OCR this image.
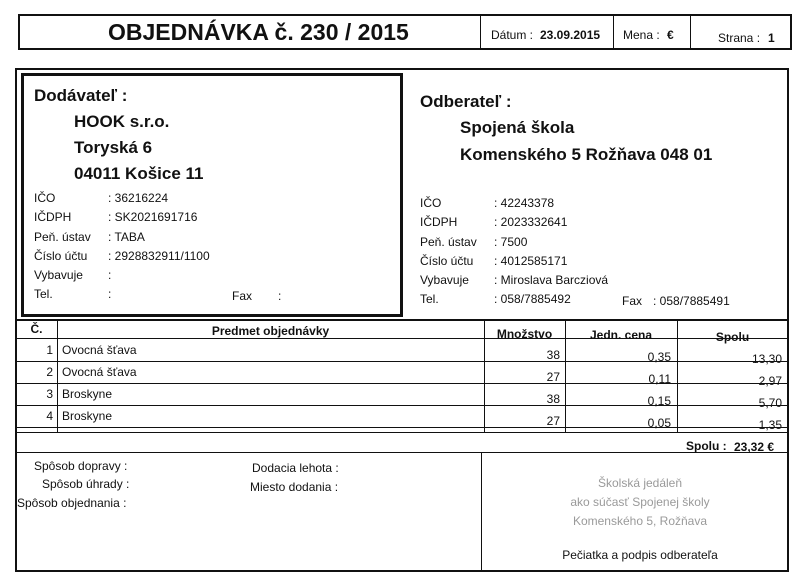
OBJEDNÁVKA č. 230 / 2015	Dátum : 23.09.2015 Mena : €	Strana : 1
Dodávateľ :
HOOK s.r.o.
Toryská 6
04011 Košice 11
IČO	: 36216224
IČDPH	: SK2021691716
Peň. ústav : TABA
Číslo účtu : 2928832911/1100
Vybavuje :
Tel.	:	Fax :
Odberateľ :
Spojená škola
Komenského 5 Rožňava 048 01
IČO	: 42243378
IČDPH	: 2023332641
Peň. ústav : 7500
Číslo účtu : 4012585171
Vybavuje : Miroslava Barcziová
Tel.	: 058/7885492	Fax : 058/7885491
Č.	Predmet objednávky	Množstvo	Jedn. cena	Spolu
1 Ovocná šťava	38	0,35	13,30
2 Ovocná šťava	27	0,11	2,97
3 Broskyne	38	0,15	5,70
4 Broskyne	27	0,05	1,35
Spolu : 23,32 €
Spôsob dopravy :
Spôsob úhrady :
Spôsob objednania :
Dodacia lehota :
Miesto dodania :	Školská jedáleň
ako súčasť Spojenej školy
Komenského 5, Rožňava
Pečiatka a podpis odberateľa
